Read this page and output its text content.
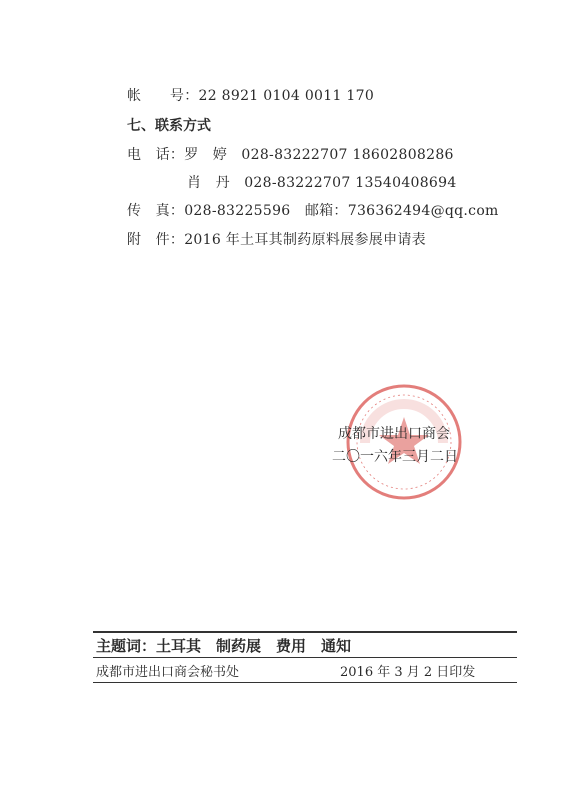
帐　　号：22 8921 0104 0011 170
七、联系方式
电　话：罗　婷　 028-83222707 18602808286
肖　丹　 028-83222707 13540408694
传　真：028-83225596　 邮箱：736362494@qq.com
附　件：2016 年土耳其制药原料展参展申请表
成都市进出口商会
二〇一六年三月二日
主题词：土耳其　制药展　费用　通知
成都市进出口商会秘书处	2016 年 3 月 2 日印发
